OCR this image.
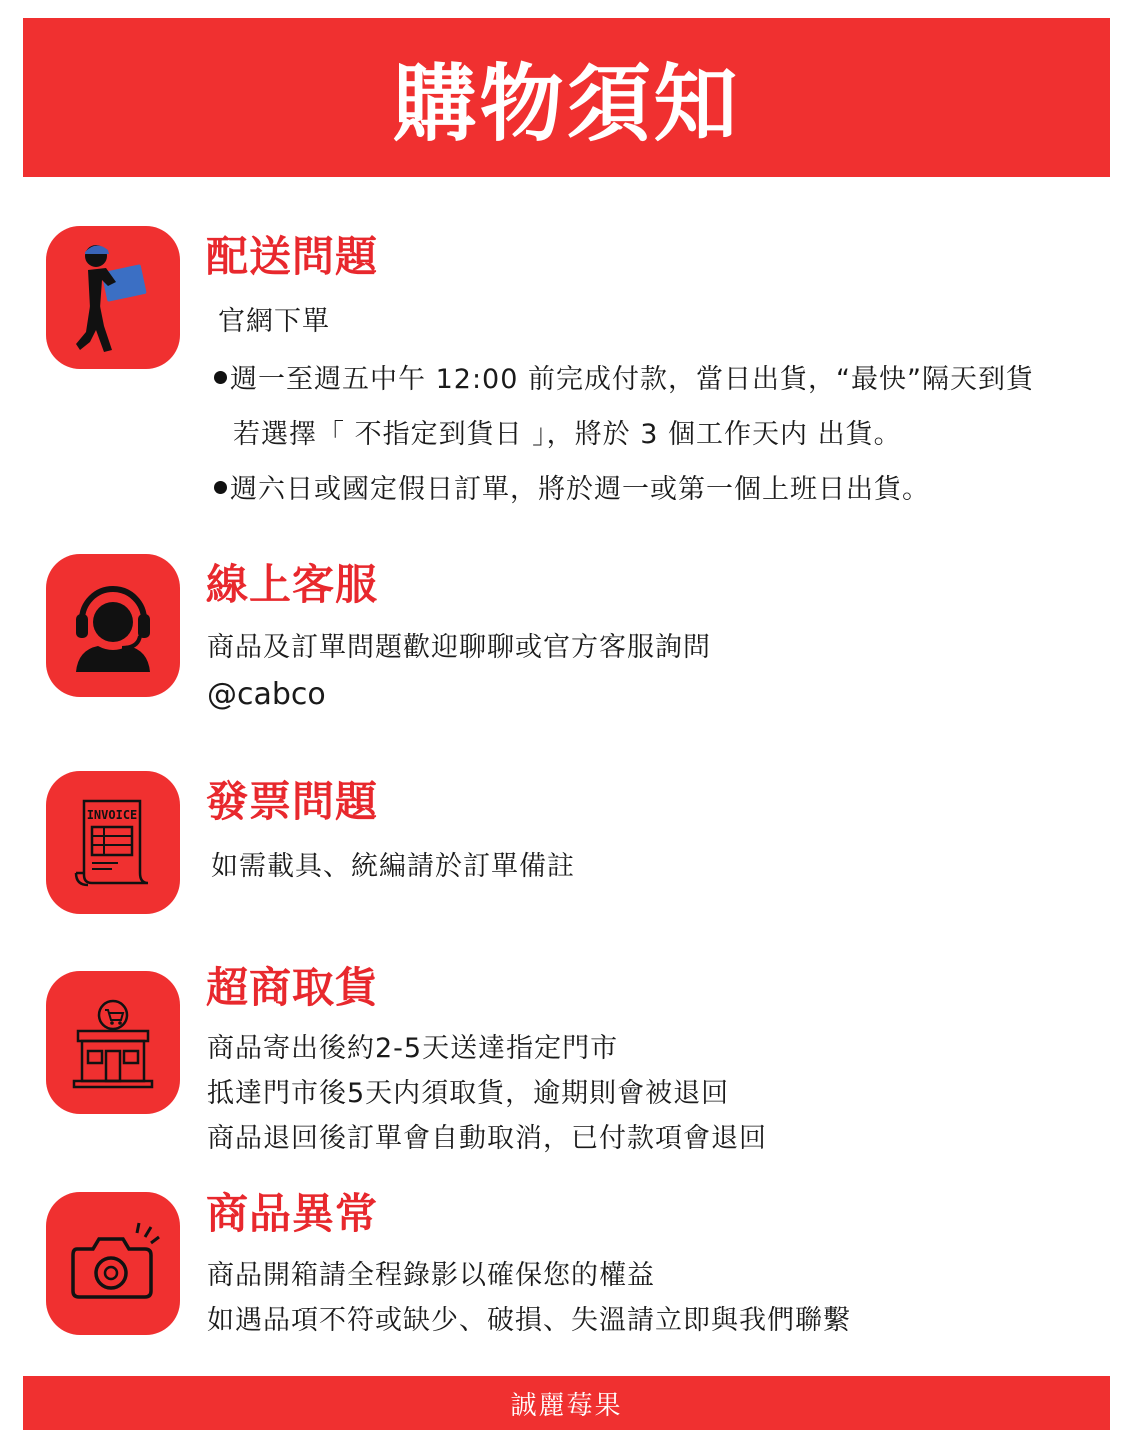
購物須知
配送問題

官網下單

週一至週五中午 12:00 前完成付款，當日出貨，“最快”隔天到貨

若選擇「 不指定到貨日 」，將於 3 個工作天内 出貨。

週六日或國定假日訂單，將於週一或第一個上班日出貨。

線上客服

商品及訂單問題歡迎聊聊或官方客服詢問

@cabco

INVOICE 發票問題

如需載具、統編請於訂單備註

超商取貨

商品寄出後約2-5天送達指定門市

抵達門市後5天内須取貨，逾期則會被退回

商品退回後訂單會自動取消，已付款項會退回

商品異常

商品開箱請全程錄影以確保您的權益

如遇品項不符或缺少、破損、失溫請立即與我們聯繫

誠麗莓果
